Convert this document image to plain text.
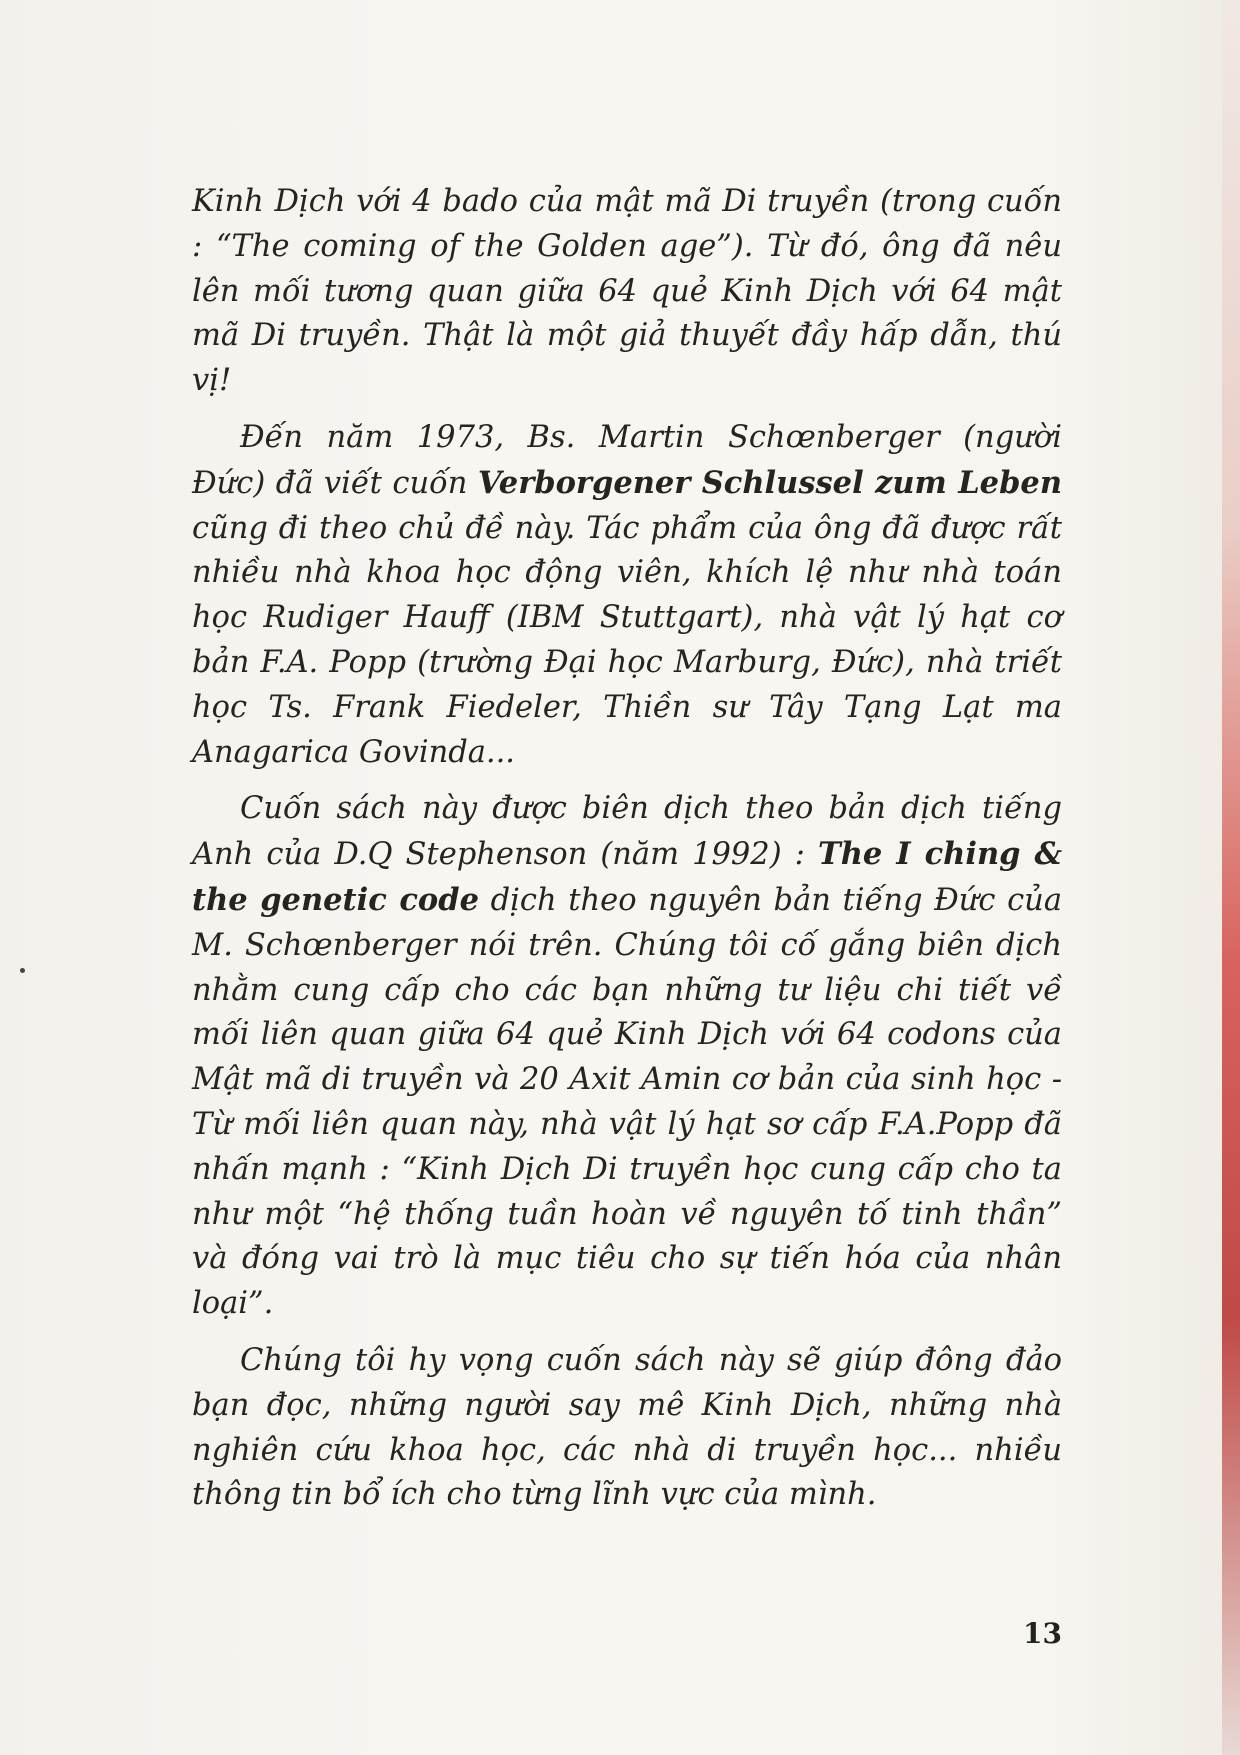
Kinh Dịch với 4 bado của mật mã Di truyền (trong cuốn : “The coming of the Golden age”). Từ đó, ông đã nêu lên mối tương quan giữa 64 quẻ Kinh Dịch với 64 mật mã Di truyền. Thật là một giả thuyết đầy hấp dẫn, thú vị!

Đến năm 1973, Bs. Martin Schœnberger (người Đức) đã viết cuốn Verborgener Schlussel zum Leben cũng đi theo chủ đề này. Tác phẩm của ông đã được rất nhiều nhà khoa học động viên, khích lệ như nhà toán học Rudiger Hauff (IBM Stuttgart), nhà vật lý hạt cơ bản F.A. Popp (trường Đại học Marburg, Đức), nhà triết học Ts. Frank Fiedeler, Thiền sư Tây Tạng Lạt ma Anagarica Govinda...

Cuốn sách này được biên dịch theo bản dịch tiếng Anh của D.Q Stephenson (năm 1992) : The I ching & the genetic code dịch theo nguyên bản tiếng Đức của M. Schœnberger nói trên. Chúng tôi cố gắng biên dịch nhằm cung cấp cho các bạn những tư liệu chi tiết về mối liên quan giữa 64 quẻ Kinh Dịch với 64 codons của Mật mã di truyền và 20 Axit Amin cơ bản của sinh học - Từ mối liên quan này, nhà vật lý hạt sơ cấp F.A.Popp đã nhấn mạnh : “Kinh Dịch Di truyền học cung cấp cho ta như một “hệ thống tuần hoàn về nguyên tố tinh thần” và đóng vai trò là mục tiêu cho sự tiến hóa của nhân loại”.

Chúng tôi hy vọng cuốn sách này sẽ giúp đông đảo bạn đọc, những người say mê Kinh Dịch, những nhà nghiên cứu khoa học, các nhà di truyền học... nhiều thông tin bổ ích cho từng lĩnh vực của mình.

13
